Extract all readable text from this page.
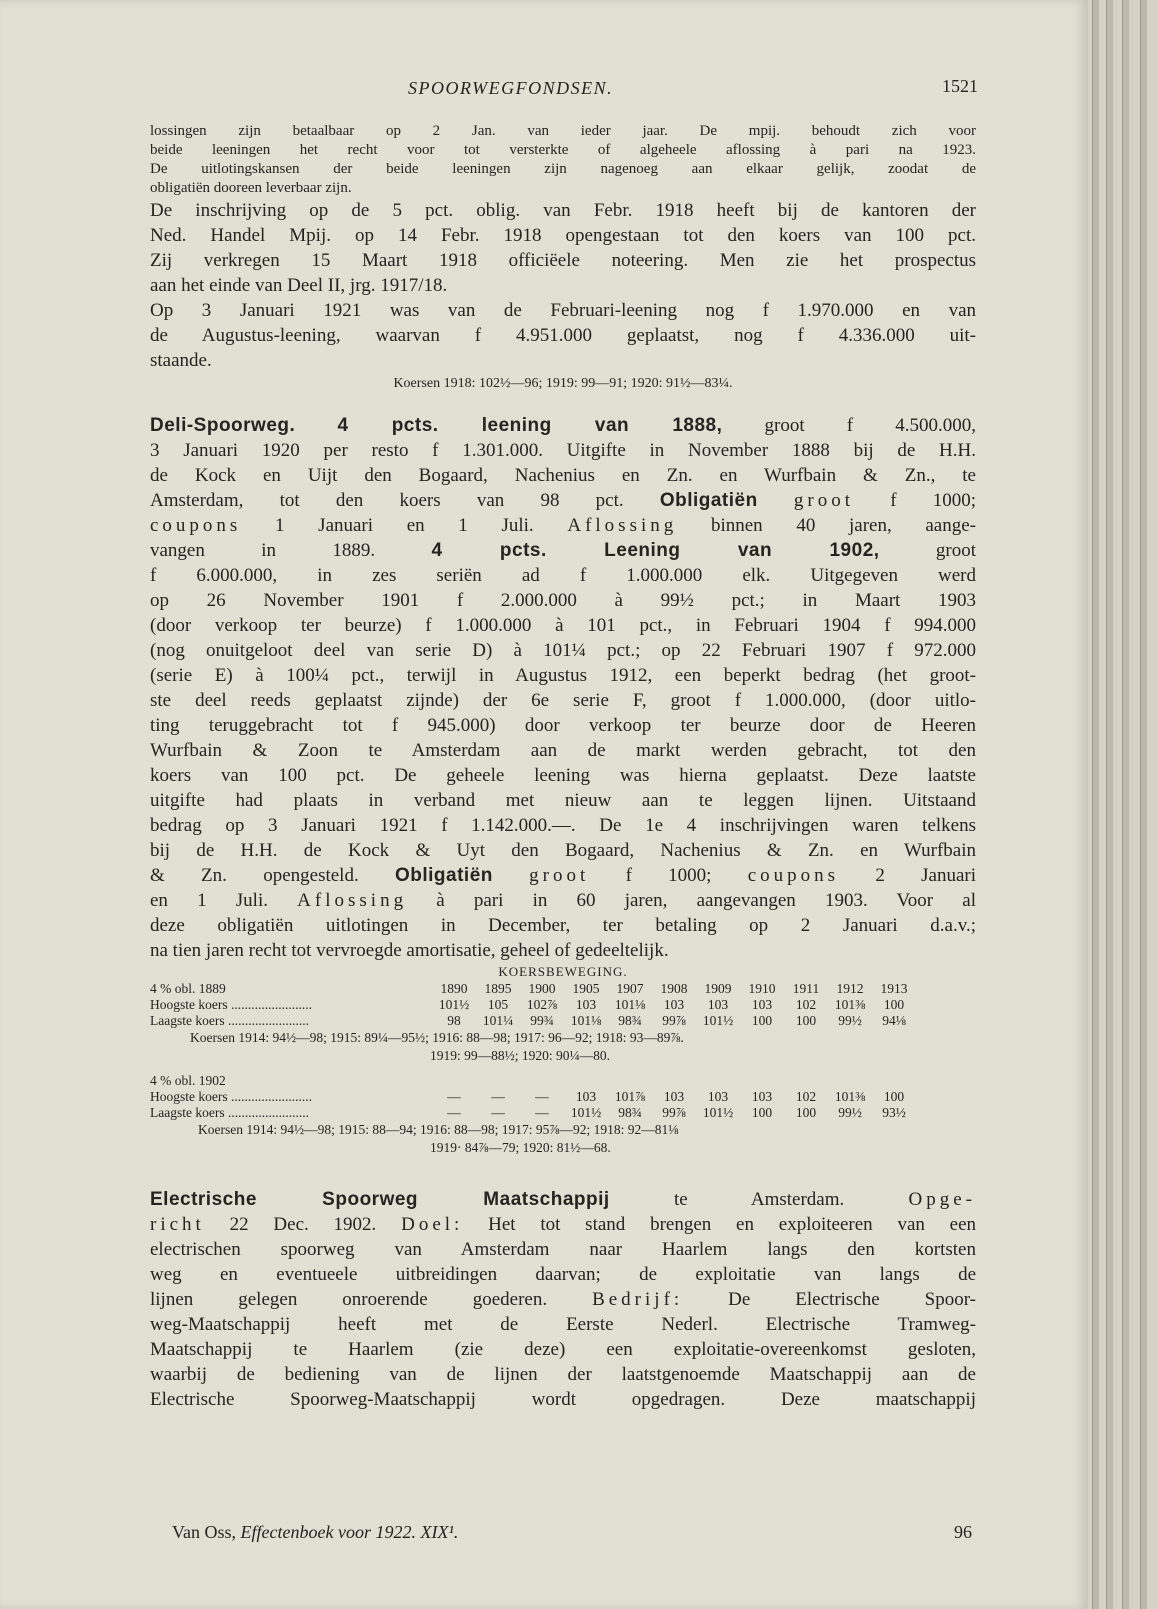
SPOORWEGFONDSEN.	1521
lossingen zijn betaalbaar op 2 Jan. van ieder jaar. De mpij. behoudt zich voor
beide leeningen het recht voor tot versterkte of algeheele aflossing à pari na 1923.
De uitlotingskansen der beide leeningen zijn nagenoeg aan elkaar gelijk, zoodat de
obligatiën dooreen leverbaar zijn.
De inschrijving op de 5 pct. oblig. van Febr. 1918 heeft bij de kantoren der
Ned. Handel Mpij. op 14 Febr. 1918 opengestaan tot den koers van 100 pct.
Zij verkregen 15 Maart 1918 officiëele noteering. Men zie het prospectus
aan het einde van Deel II, jrg. 1917/18.
Op 3 Januari 1921 was van de Februari-leening nog f 1.970.000 en van
de Augustus-leening, waarvan f 4.951.000 geplaatst, nog f 4.336.000 uit-
staande.
Koersen 1918: 102½—96; 1919: 99—91; 1920: 91½—83¼.
Deli-Spoorweg. 4 pcts. leening van 1888, groot f 4.500.000,
3 Januari 1920 per resto f 1.301.000. Uitgifte in November 1888 bij de H.H.
de Kock en Uijt den Bogaard, Nachenius en Zn. en Wurfbain & Zn., te
Amsterdam, tot den koers van 98 pct. Obligatiën groot f 1000;
coupons 1 Januari en 1 Juli. Aflossing binnen 40 jaren, aange-
vangen in 1889.	4 pcts. Leening van 1902,	groot
f 6.000.000, in zes seriën ad f 1.000.000 elk. Uitgegeven werd
op 26 November 1901 f 2.000.000 à 99½ pct.; in Maart 1903
(door verkoop ter beurze) f 1.000.000 à 101 pct., in Februari 1904 f 994.000
(nog onuitgeloot deel van serie D) à 101¼ pct.; op 22 Februari 1907 f 972.000
(serie E) à 100¼ pct., terwijl in Augustus 1912, een beperkt bedrag (het groot-
ste deel reeds geplaatst zijnde) der 6e serie F, groot f 1.000.000, (door uitlo-
ting teruggebracht tot f 945.000) door verkoop ter beurze door de Heeren
Wurfbain & Zoon te Amsterdam aan de markt werden gebracht, tot den
koers van 100 pct. De geheele leening was hierna geplaatst. Deze laatste
uitgifte had plaats in verband met nieuw aan te leggen lijnen. Uitstaand
bedrag op 3 Januari 1921 f 1.142.000.—. De 1e 4 inschrijvingen waren telkens
bij de H.H. de Kock & Uyt den Bogaard, Nachenius & Zn. en Wurfbain
& Zn. opengesteld. Obligatiën groot f 1000; coupons 2 Januari
en 1 Juli. Aflossing à pari in 60 jaren, aangevangen 1903. Voor al
deze obligatiën uitlotingen in December, ter betaling op 2 Januari d.a.v.;
na tien jaren recht tot vervroegde amortisatie, geheel of gedeeltelijk.
KOERSBEWEGING.
4 % obl. 1889	1890	1895	1900	1905	1907	1908	1909	1910	1911	1912	1913
Hoogste koers ........................	101½	105	102⅞	103	101⅛	103	103	103	102	101⅜	100
Laagste koers ........................	98	101¼	99¾	101⅛	98¾	99⅞	101½	100	100	99½	94⅛
Koersen 1914: 94½—98; 1915: 89¼—95½; 1916: 88—98; 1917: 96—92; 1918: 93—89⅞.
1919: 99—88½; 1920: 90¼—80.
4 % obl. 1902
Hoogste koers ........................	—	—	—	103	101⅞	103	103	103	102	101⅜	100
Laagste koers ........................	—	—	—	101½	98¾	99⅞	101½	100	100	99½	93½
Koersen 1914: 94½—98; 1915: 88—94; 1916: 88—98; 1917: 95⅞—92; 1918: 92—81⅛
1919· 84⅞—79; 1920: 81½—68.
Electrische Spoorweg Maatschappij	te Amsterdam.	Opge-
richt 22 Dec. 1902. Doel: Het tot stand brengen en exploiteeren van een
electrischen spoorweg van Amsterdam naar Haarlem langs den kortsten
weg en eventueele uitbreidingen daarvan; de exploitatie van langs de
lijnen gelegen onroerende goederen. Bedrijf: De Electrische Spoor-
weg-Maatschappij heeft met de Eerste Nederl. Electrische Tramweg-
Maatschappij te Haarlem (zie deze) een exploitatie-overeenkomst gesloten,
waarbij de bediening van de lijnen der laatstgenoemde Maatschappij aan de
Electrische Spoorweg-Maatschappij wordt opgedragen. Deze maatschappij
Van Oss, Effectenboek voor 1922. XIX¹.	96
